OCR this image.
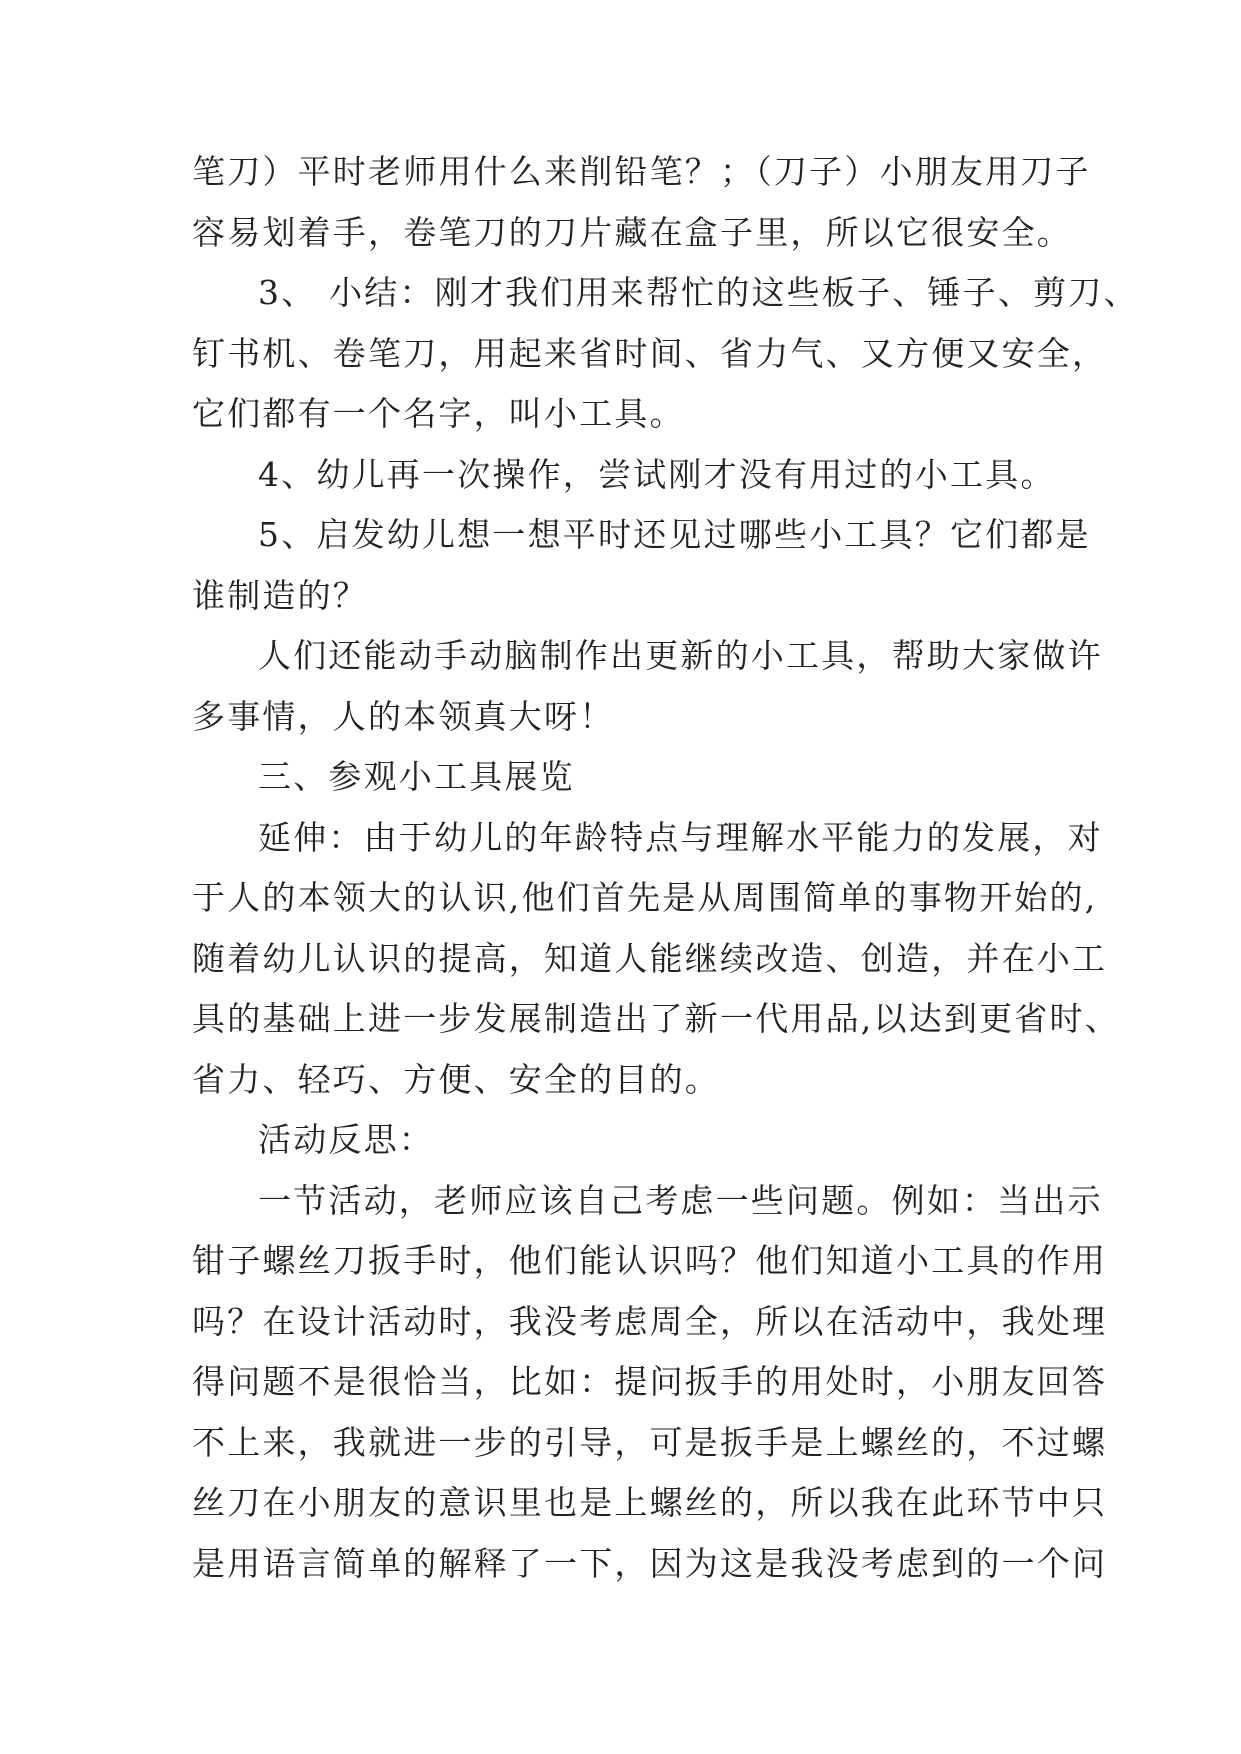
笔刀）平时老师用什么来削铅笔？；（刀子）小朋友用刀子
容易划着手，卷笔刀的刀片藏在盒子里，所以它很安全。
3、 小结：刚才我们用来帮忙的这些板子、锤子、剪刀、
钉书机、卷笔刀，用起来省时间、省力气、又方便又安全，
它们都有一个名字，叫小工具。
4、幼儿再一次操作，尝试刚才没有用过的小工具。
5、启发幼儿想一想平时还见过哪些小工具？它们都是
谁制造的？
人们还能动手动脑制作出更新的小工具，帮助大家做许
多事情，人的本领真大呀！
三、参观小工具展览
延伸：由于幼儿的年龄特点与理解水平能力的发展，对
于人的本领大的认识,他们首先是从周围简单的事物开始的,
随着幼儿认识的提高，知道人能继续改造、创造，并在小工
具的基础上进一步发展制造出了新一代用品,以达到更省时、
省力、轻巧、方便、安全的目的。
活动反思：
一节活动，老师应该自己考虑一些问题。例如：当出示
钳子螺丝刀扳手时，他们能认识吗？他们知道小工具的作用
吗？在设计活动时，我没考虑周全，所以在活动中，我处理
得问题不是很恰当，比如：提问扳手的用处时，小朋友回答
不上来，我就进一步的引导，可是扳手是上螺丝的，不过螺
丝刀在小朋友的意识里也是上螺丝的，所以我在此环节中只
是用语言简单的解释了一下，因为这是我没考虑到的一个问
